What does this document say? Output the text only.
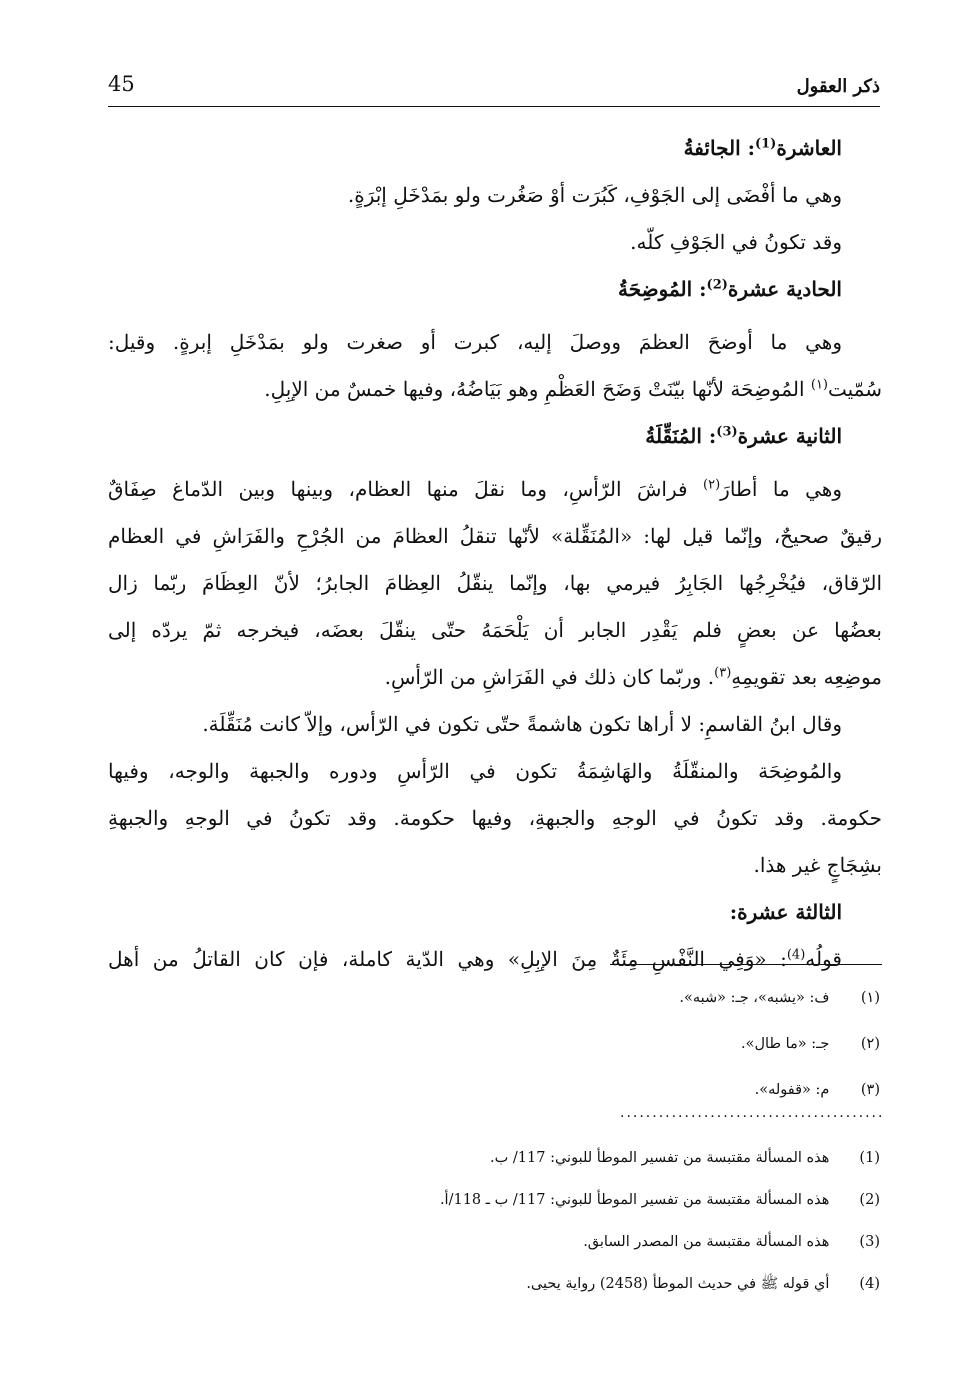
45	ذكر العقول
العاشرة$^{(1)}$: الجائفةُ
وهي ما أفْضَى إلى الجَوْفِ، كَبُرَت أوْ صَغُرت ولو بمَدْخَلِ إبْرَةٍ.
وقد تكونُ في الجَوْفِ كلّه.
الحادية عشرة$^{(2)}$: المُوضِحَةُ
وهي ما أوضحَ العظمَ ووصلَ إليه، كبرت أو صغرت ولو بمَدْخَلِ إبرةٍ. وقيل:
سُمّيت$^{(١)}$ المُوضِحَة لأنّها بيّنَتْ وَضَحَ العَظْمِ وهو بَيَاضُهُ، وفيها خمسٌ من الإبِلِ.
الثانية عشرة$^{(3)}$: المُنَقِّلَةُ
وهي ما أطارَ$^{(٢)}$ فراشَ الرّأسِ، وما نقلَ منها العظام، وبينها وبين الدّماغ صِفَاقٌ
رقيقٌ صحيحٌ، وإنّما قيل لها: «المُنَقِّلة» لأنّها تنقلُ العظامَ من الجُرْحِ والفَرَاشِ في العظام
الرّقاق، فيُخْرِجُها الجَابِرُ فيرمي بها، وإنّما ينقّلُ العِظامَ الجابرُ؛ لأنّ العِظَامَ ربّما زال
بعضُها عن بعضٍ فلم يَقْدِر الجابر أن يَلْحَمَهُ حتّى ينقّلَ بعضَه، فيخرجه ثمّ يردّه إلى
موضِعِه بعد تقويمِهِ$^{(٣)}$. وربّما كان ذلك في الفَرَاشِ من الرّأسِ.
وقال ابنُ القاسمِ: لا أراها تكون هاشمةً حتّى تكون في الرّأس، وإلاّ كانت مُنَقِّلَة.
والمُوضِحَة والمنقّلَةُ والهَاشِمَةُ تكون في الرّأسِ ودوره والجبهة والوجه، وفيها
حكومة. وقد تكونُ في الوجهِ والجبهةِ، وفيها حكومة. وقد تكونُ في الوجهِ والجبهةِ
بشِجَاجٍ غير هذا.
الثالثة عشرة:
قولُه$^{(4)}$: «وَفِي النَّفْسِ مِئَةٌ مِنَ الإبِلِ» وهي الدّية كاملة، فإن كان القاتلُ من أهل
(١) ف: «يشبه»، جـ: «شبه».
(٢) جـ: «ما طال».
(٣) م: «قفوله».
.....
(1) هذه المسألة مقتبسة من تفسير الموطأ للبوني: 117/ ب.
(2) هذه المسألة مقتبسة من تفسير الموطأ للبوني: 117/ ب ـ 118/أ.
(3) هذه المسألة مقتبسة من المصدر السابق.
(4) أي قوله ﷺ في حديث الموطأ (2458) رواية يحيى.
